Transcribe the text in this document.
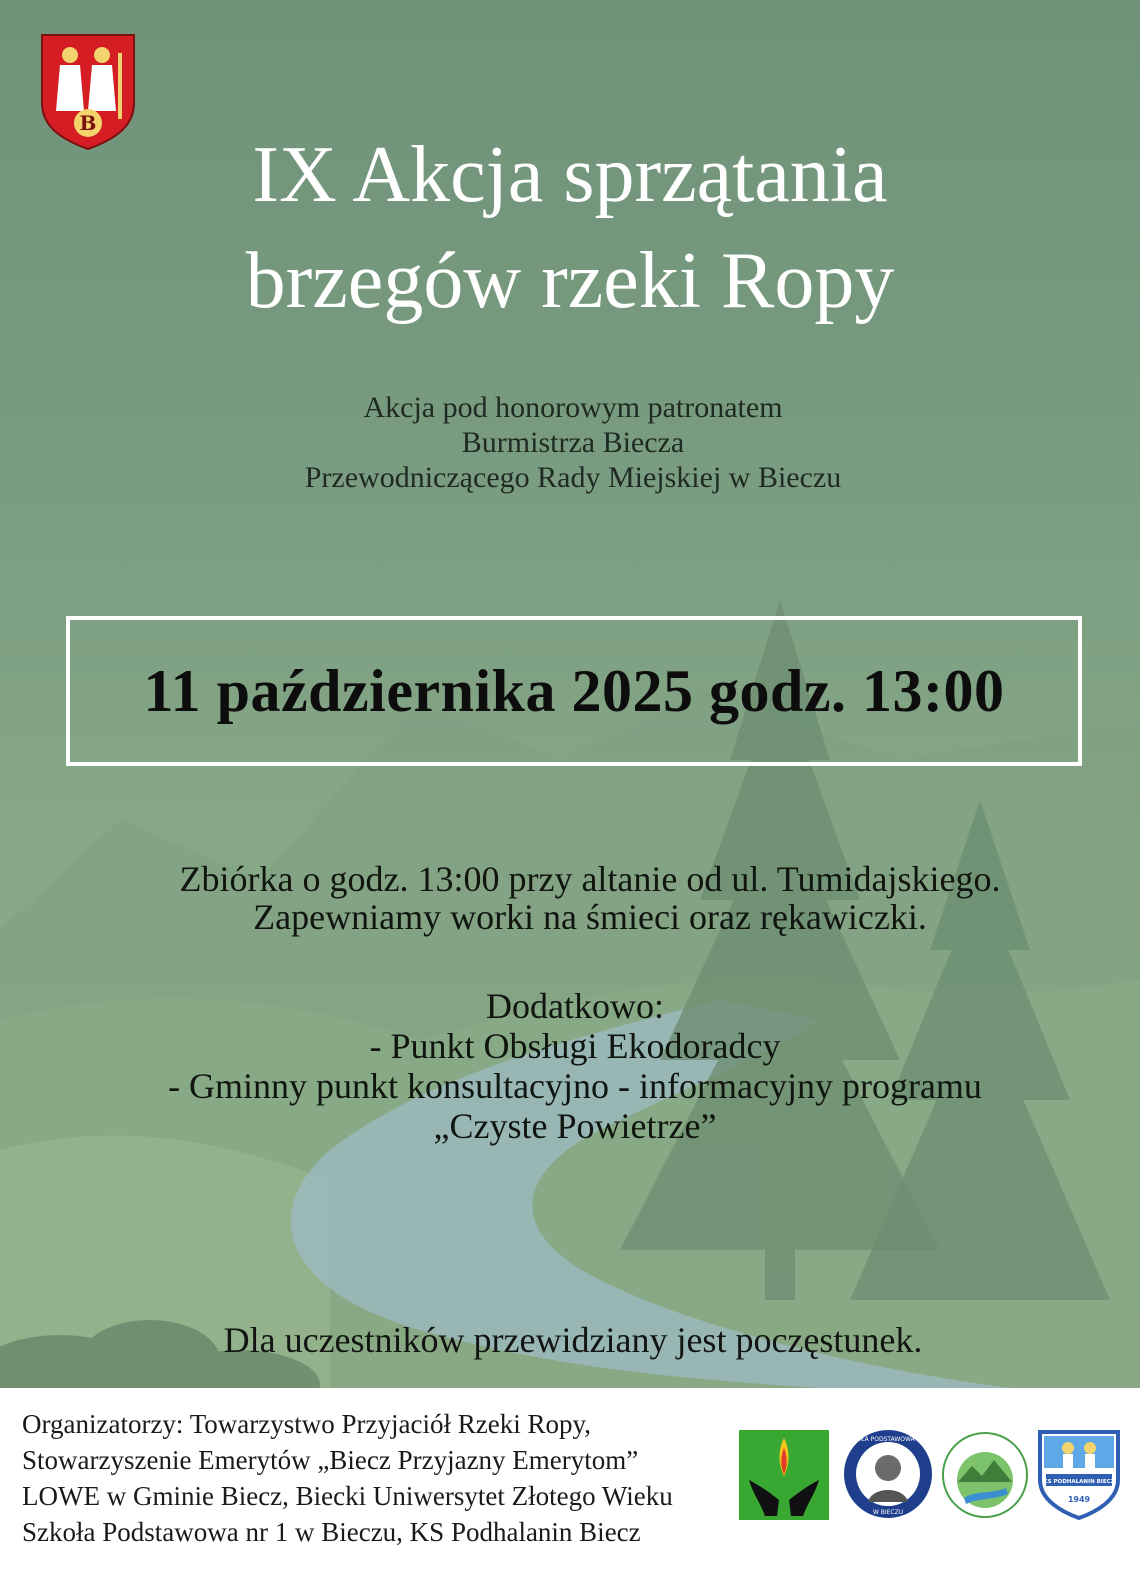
B
IX Akcja sprzątania
brzegów rzeki Ropy
Akcja pod honorowym patronatem
Burmistrza Biecza
Przewodniczącego Rady Miejskiej w Bieczu
11 października 2025 godz. 13:00
Zbiórka o godz. 13:00 przy altanie od ul. Tumidajskiego.
Zapewniamy worki na śmieci oraz rękawiczki.
Dodatkowo:
- Punkt Obsługi Ekodoradcy
- Gminny punkt konsultacyjno - informacyjny programu
„Czyste Powietrze”
Dla uczestników przewidziany jest poczęstunek.
Organizatorzy: Towarzystwo Przyjaciół Rzeki Ropy,
Stowarzyszenie Emerytów „Biecz Przyjazny Emerytom”
LOWE w Gminie Biecz, Biecki Uniwersytet Złotego Wieku
Szkoła Podstawowa nr 1 w Bieczu, KS Podhalanin Biecz
SZKOŁA PODSTAWOWA NR 1
W BIECZU
KS PODHALANIN BIECZ
1949
